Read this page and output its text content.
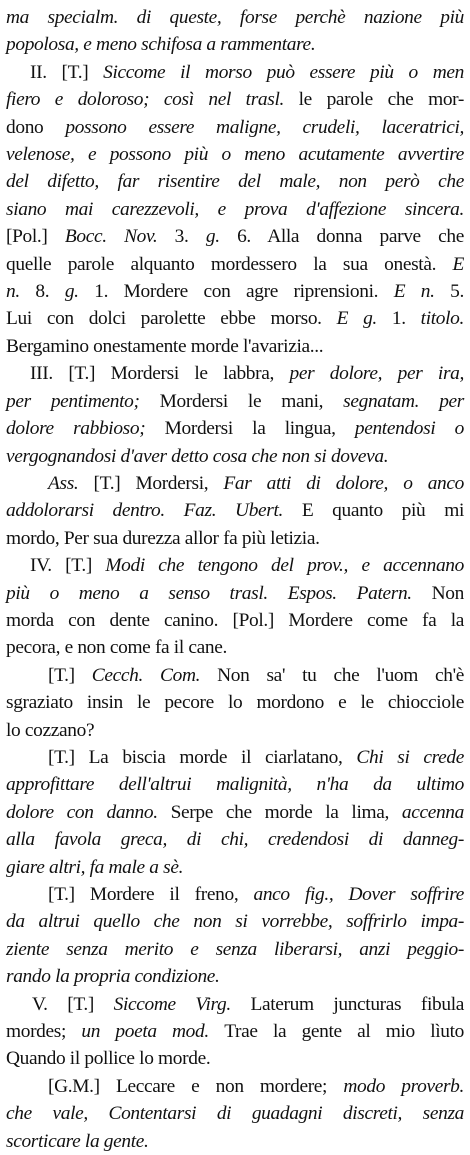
ma specialm. di queste, forse perchè nazione più
popolosa, e meno schifosa a rammentare.
II. [T.] Siccome il morso può essere più o men
fiero e doloroso; così nel trasl. le parole che mor-
dono possono essere maligne, crudeli, laceratrici,
velenose, e possono più o meno acutamente avvertire
del difetto, far risentire del male, non però che
siano mai carezzevoli, e prova d'affezione sincera.
[Pol.] Bocc. Nov. 3. g. 6. Alla donna parve che
quelle parole alquanto mordessero la sua onestà. E
n. 8. g. 1. Mordere con agre riprensioni. E n. 5.
Lui con dolci parolette ebbe morso. E g. 1. titolo.
Bergamino onestamente morde l'avarizia...
III. [T.] Mordersi le labbra, per dolore, per ira,
per pentimento; Mordersi le mani, segnatam. per
dolore rabbioso; Mordersi la lingua, pentendosi o
vergognandosi d'aver detto cosa che non si doveva.
Ass. [T.] Mordersi, Far atti di dolore, o anco
addolorarsi dentro. Faz. Ubert. E quanto più mi
mordo, Per sua durezza allor fa più letizia.
IV. [T.] Modi che tengono del prov., e accennano
più o meno a senso trasl. Espos. Patern. Non
morda con dente canino. [Pol.] Mordere come fa la
pecora, e non come fa il cane.
[T.] Cecch. Com. Non sa' tu che l'uom ch'è
sgraziato insin le pecore lo mordono e le chiocciole
lo cozzano?
[T.] La biscia morde il ciarlatano, Chi si crede
approfittare dell'altrui malignità, n'ha da ultimo
dolore con danno. Serpe che morde la lima, accenna
alla favola greca, di chi, credendosi di danneg-
giare altri, fa male a sè.
[T.] Mordere il freno, anco fig., Dover soffrire
da altrui quello che non si vorrebbe, soffrirlo impa-
ziente senza merito e senza liberarsi, anzi peggio-
rando la propria condizione.
V. [T.] Siccome Virg. Laterum juncturas fibula
mordes; un poeta mod. Trae la gente al mio lìuto
Quando il pollice lo morde.
[G.M.] Leccare e non mordere; modo proverb.
che vale, Contentarsi di guadagni discreti, senza
scorticare la gente.
